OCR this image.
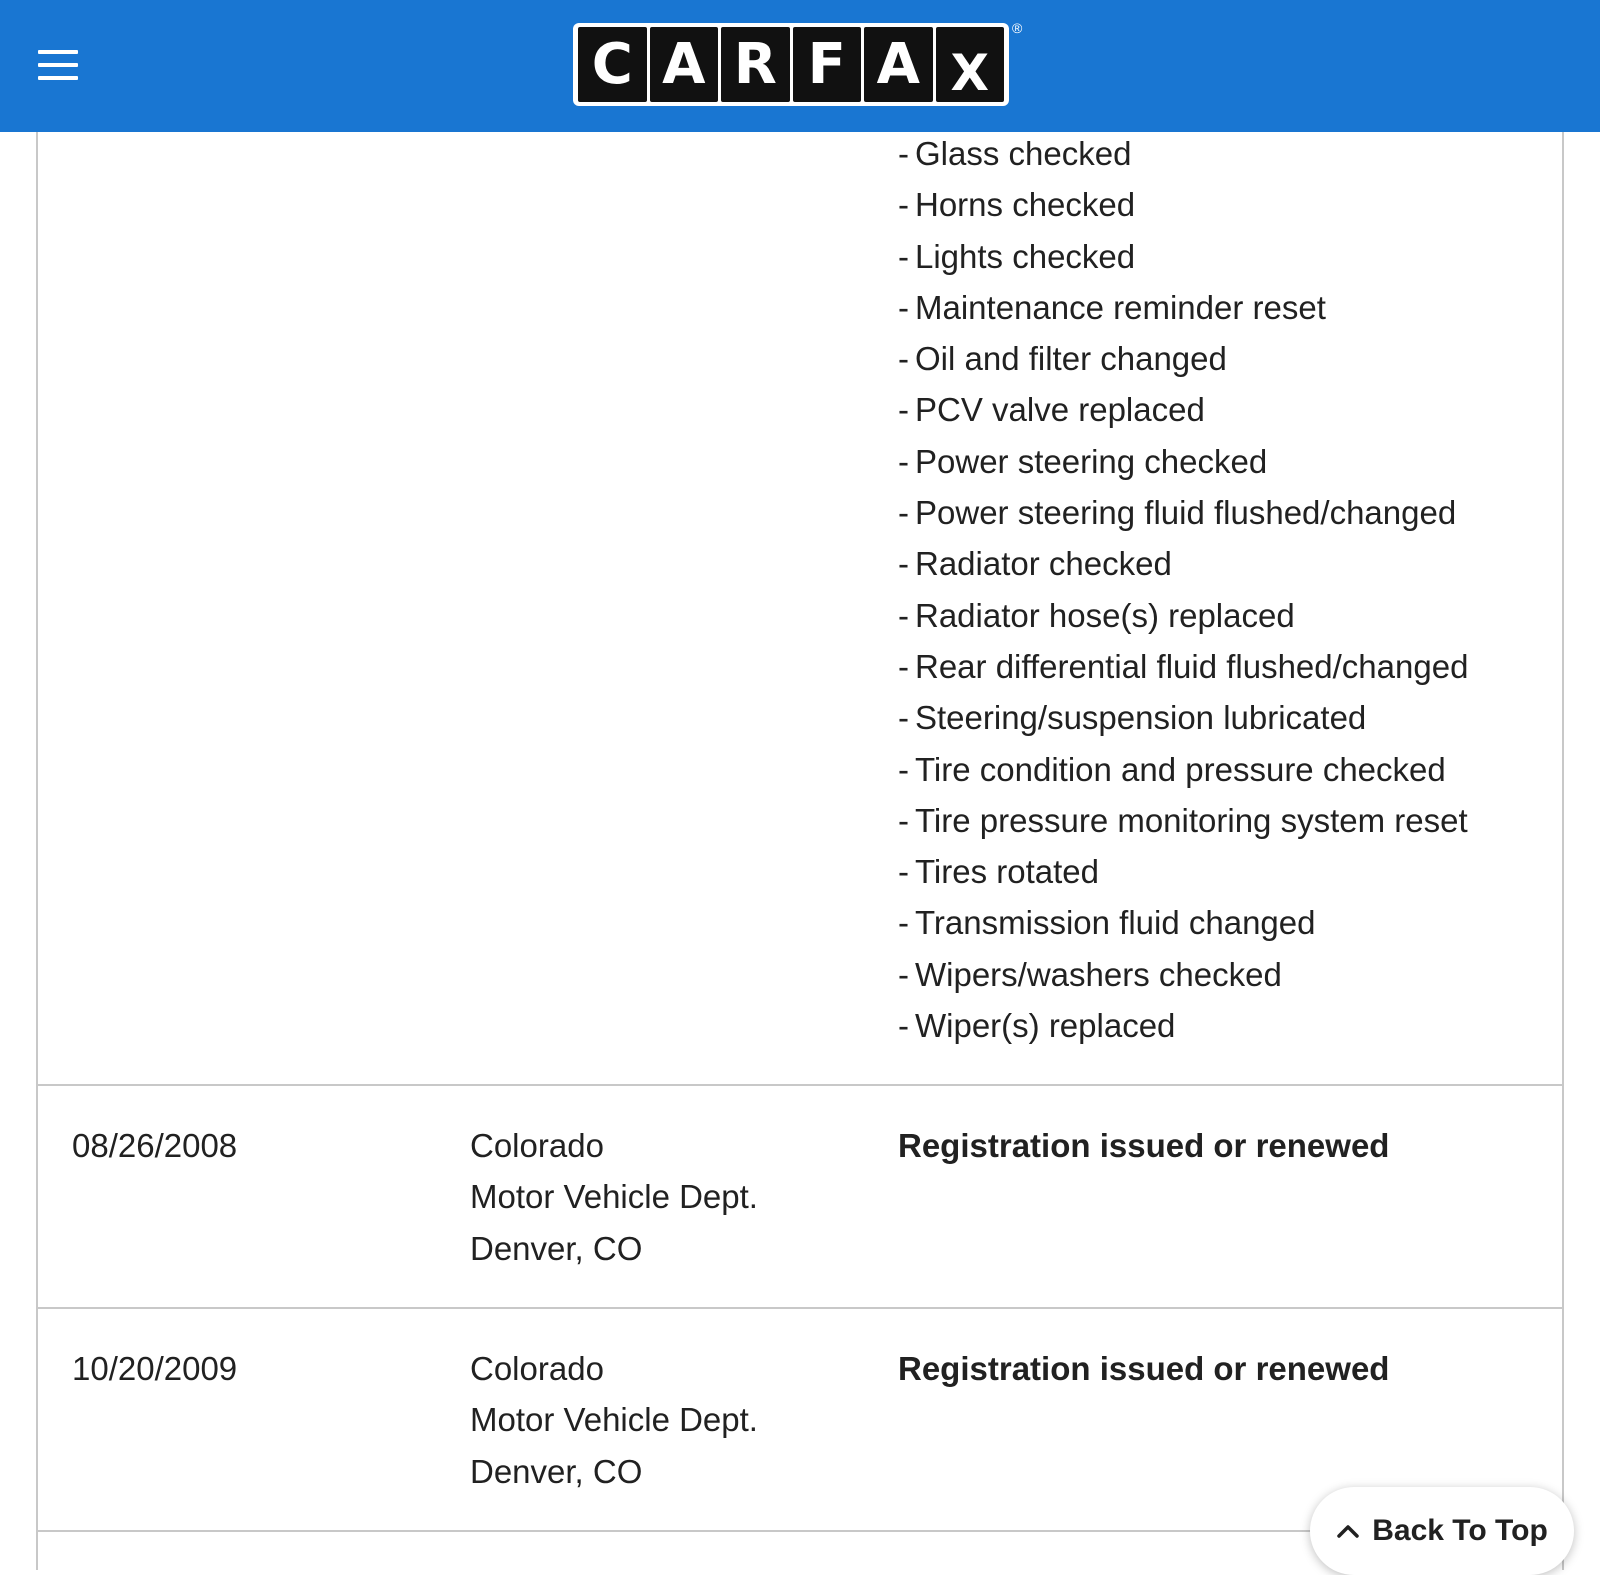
C A R F A X
®
- Glass checked
- Horns checked
- Lights checked
- Maintenance reminder reset
- Oil and filter changed
- PCV valve replaced
- Power steering checked
- Power steering fluid flushed/changed
- Radiator checked
- Radiator hose(s) replaced
- Rear differential fluid flushed/changed
- Steering/suspension lubricated
- Tire condition and pressure checked
- Tire pressure monitoring system reset
- Tires rotated
- Transmission fluid changed
- Wipers/washers checked
- Wiper(s) replaced
08/26/2008	Colorado
Motor Vehicle Dept.
Denver, CO
Registration issued or renewed
10/20/2009	Colorado
Motor Vehicle Dept.
Denver, CO
Registration issued or renewed
Back To Top
